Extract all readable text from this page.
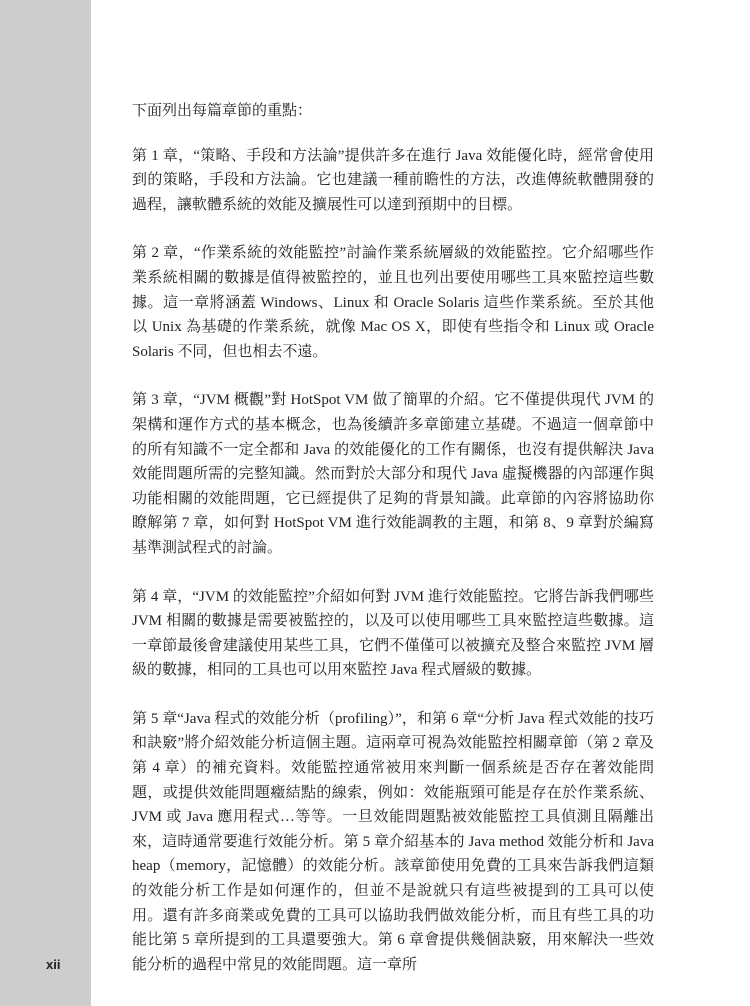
xii

下面列出每篇章節的重點：

第 1 章，“策略、手段和方法論”提供許多在進行 Java 效能優化時，經常會使用到的策略，手段和方法論。它也建議一種前瞻性的方法，改進傳統軟體開發的過程，讓軟體系統的效能及擴展性可以達到預期中的目標。

第 2 章，“作業系統的效能監控”討論作業系統層級的效能監控。它介紹哪些作業系統相關的數據是值得被監控的，並且也列出要使用哪些工具來監控這些數據。這一章將涵蓋 Windows、Linux 和 Oracle Solaris 這些作業系統。至於其他以 Unix 為基礎的作業系統，就像 Mac OS X，即使有些指令和 Linux 或 Oracle Solaris 不同，但也相去不遠。

第 3 章，“JVM 概觀”對 HotSpot VM 做了簡單的介紹。它不僅提供現代 JVM 的架構和運作方式的基本概念，也為後續許多章節建立基礎。不過這一個章節中的所有知識不一定全都和 Java 的效能優化的工作有關係，也沒有提供解決 Java 效能問題所需的完整知識。然而對於大部分和現代 Java 虛擬機器的內部運作與功能相關的效能問題，它已經提供了足夠的背景知識。此章節的內容將協助你瞭解第 7 章，如何對 HotSpot VM 進行效能調教的主題，和第 8、9 章對於編寫基準測試程式的討論。

第 4 章，“JVM 的效能監控”介紹如何對 JVM 進行效能監控。它將告訴我們哪些 JVM 相關的數據是需要被監控的，以及可以使用哪些工具來監控這些數據。這一章節最後會建議使用某些工具，它們不僅僅可以被擴充及整合來監控 JVM 層級的數據，相同的工具也可以用來監控 Java 程式層級的數據。

第 5 章“Java 程式的效能分析（profiling）”，和第 6 章“分析 Java 程式效能的技巧和訣竅”將介紹效能分析這個主題。這兩章可視為效能監控相關章節（第 2 章及第 4 章）的補充資料。效能監控通常被用來判斷一個系統是否存在著效能問題，或提供效能問題癥結點的線索，例如：效能瓶頸可能是存在於作業系統、JVM 或 Java 應用程式…等等。一旦效能問題點被效能監控工具偵測且隔離出來，這時通常要進行效能分析。第 5 章介紹基本的 Java method 效能分析和 Java heap（memory，記憶體）的效能分析。該章節使用免費的工具來告訴我們這類的效能分析工作是如何運作的，但並不是說就只有這些被提到的工具可以使用。還有許多商業或免費的工具可以協助我們做效能分析，而且有些工具的功能比第 5 章所提到的工具還要強大。第 6 章會提供幾個訣竅，用來解決一些效能分析的過程中常見的效能問題。這一章所
